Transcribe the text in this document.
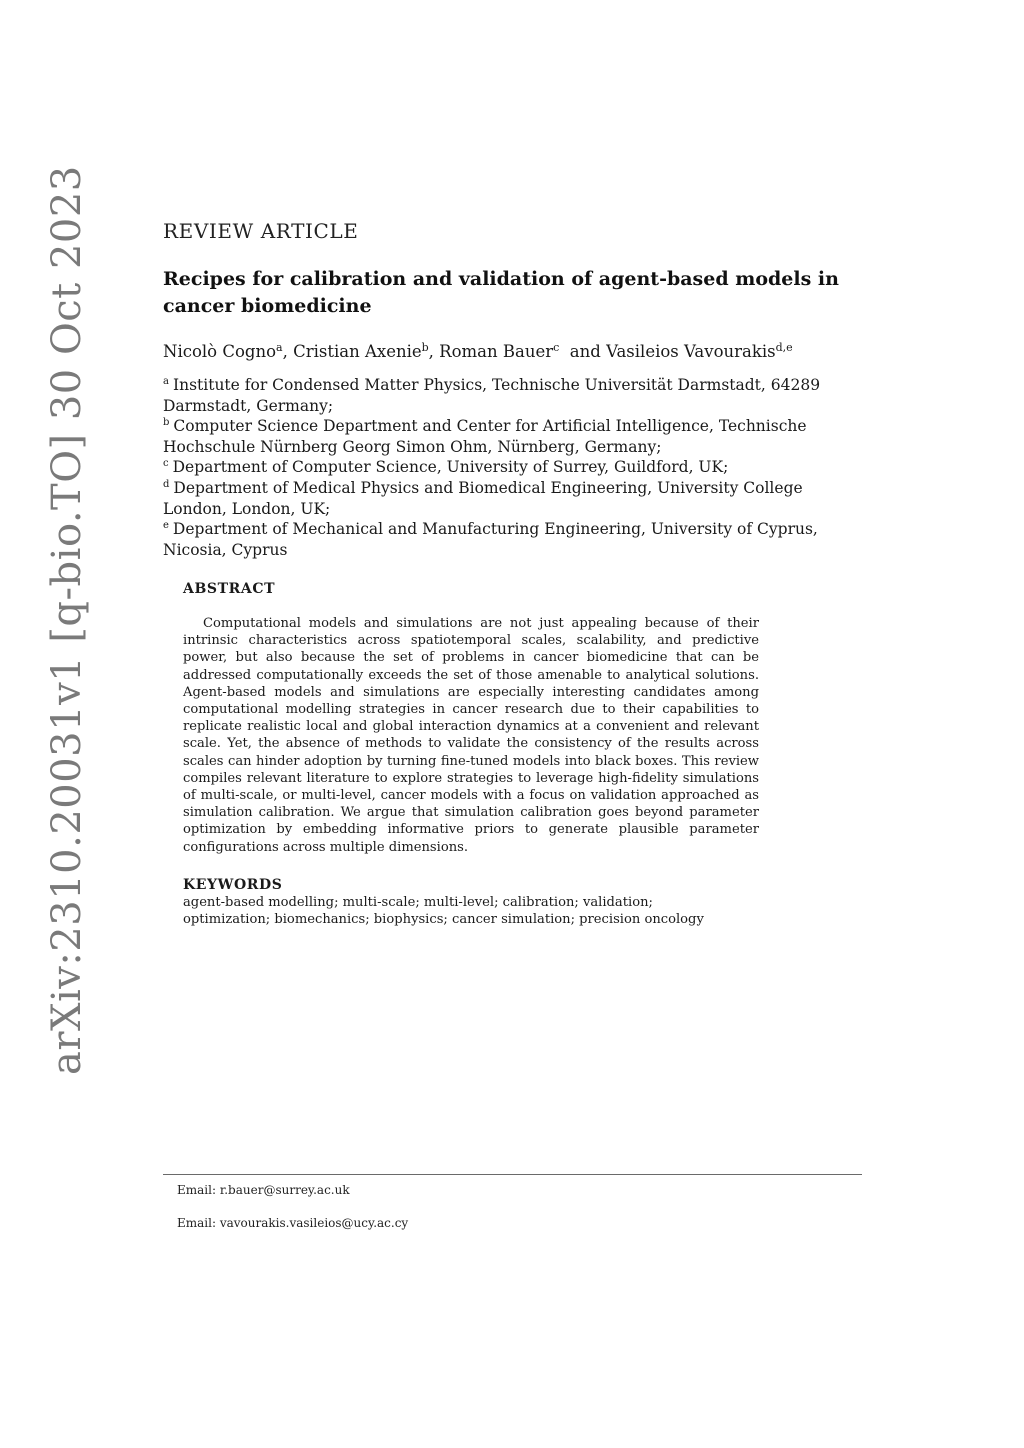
arXiv:2310.20031v1 [q-bio.TO] 30 Oct 2023	REVIEW ARTICLE
Recipes for calibration and validation of agent-based models in cancer biomedicine
Nicolò Cogno$^a$, Cristian Axenie$^b$, Roman Bauer$^c$  and Vasileios Vavourakis$^{d,e}$

$^a$ Institute for Condensed Matter Physics, Technische Universität Darmstadt, 64289 Darmstadt, Germany;

$^b$ Computer Science Department and Center for Artificial Intelligence, Technische Hochschule Nürnberg Georg Simon Ohm, Nürnberg, Germany;

$^c$ Department of Computer Science, University of Surrey, Guildford, UK;

$^d$ Department of Medical Physics and Biomedical Engineering, University College London, London, UK;

$^e$ Department of Mechanical and Manufacturing Engineering, University of Cyprus, Nicosia, Cyprus

ABSTRACT
Computational models and simulations are not just appealing because of their intrinsic characteristics across spatiotemporal scales, scalability, and predictive power, but also because the set of problems in cancer biomedicine that can be addressed computationally exceeds the set of those amenable to analytical solutions. Agent-based models and simulations are especially interesting candidates among computational modelling strategies in cancer research due to their capabilities to replicate realistic local and global interaction dynamics at a convenient and relevant scale. Yet, the absence of methods to validate the consistency of the results across scales can hinder adoption by turning fine-tuned models into black boxes. This review compiles relevant literature to explore strategies to leverage high-fidelity simulations of multi-scale, or multi-level, cancer models with a focus on validation approached as simulation calibration. We argue that simulation calibration goes beyond parameter optimization by embedding informative priors to generate plausible parameter configurations across multiple dimensions.
KEYWORDS
agent-based modelling; multi-scale; multi-level; calibration; validation;
optimization; biomechanics; biophysics; cancer simulation; precision oncology
Email: r.bauer@surrey.ac.uk
Email: vavourakis.vasileios@ucy.ac.cy
